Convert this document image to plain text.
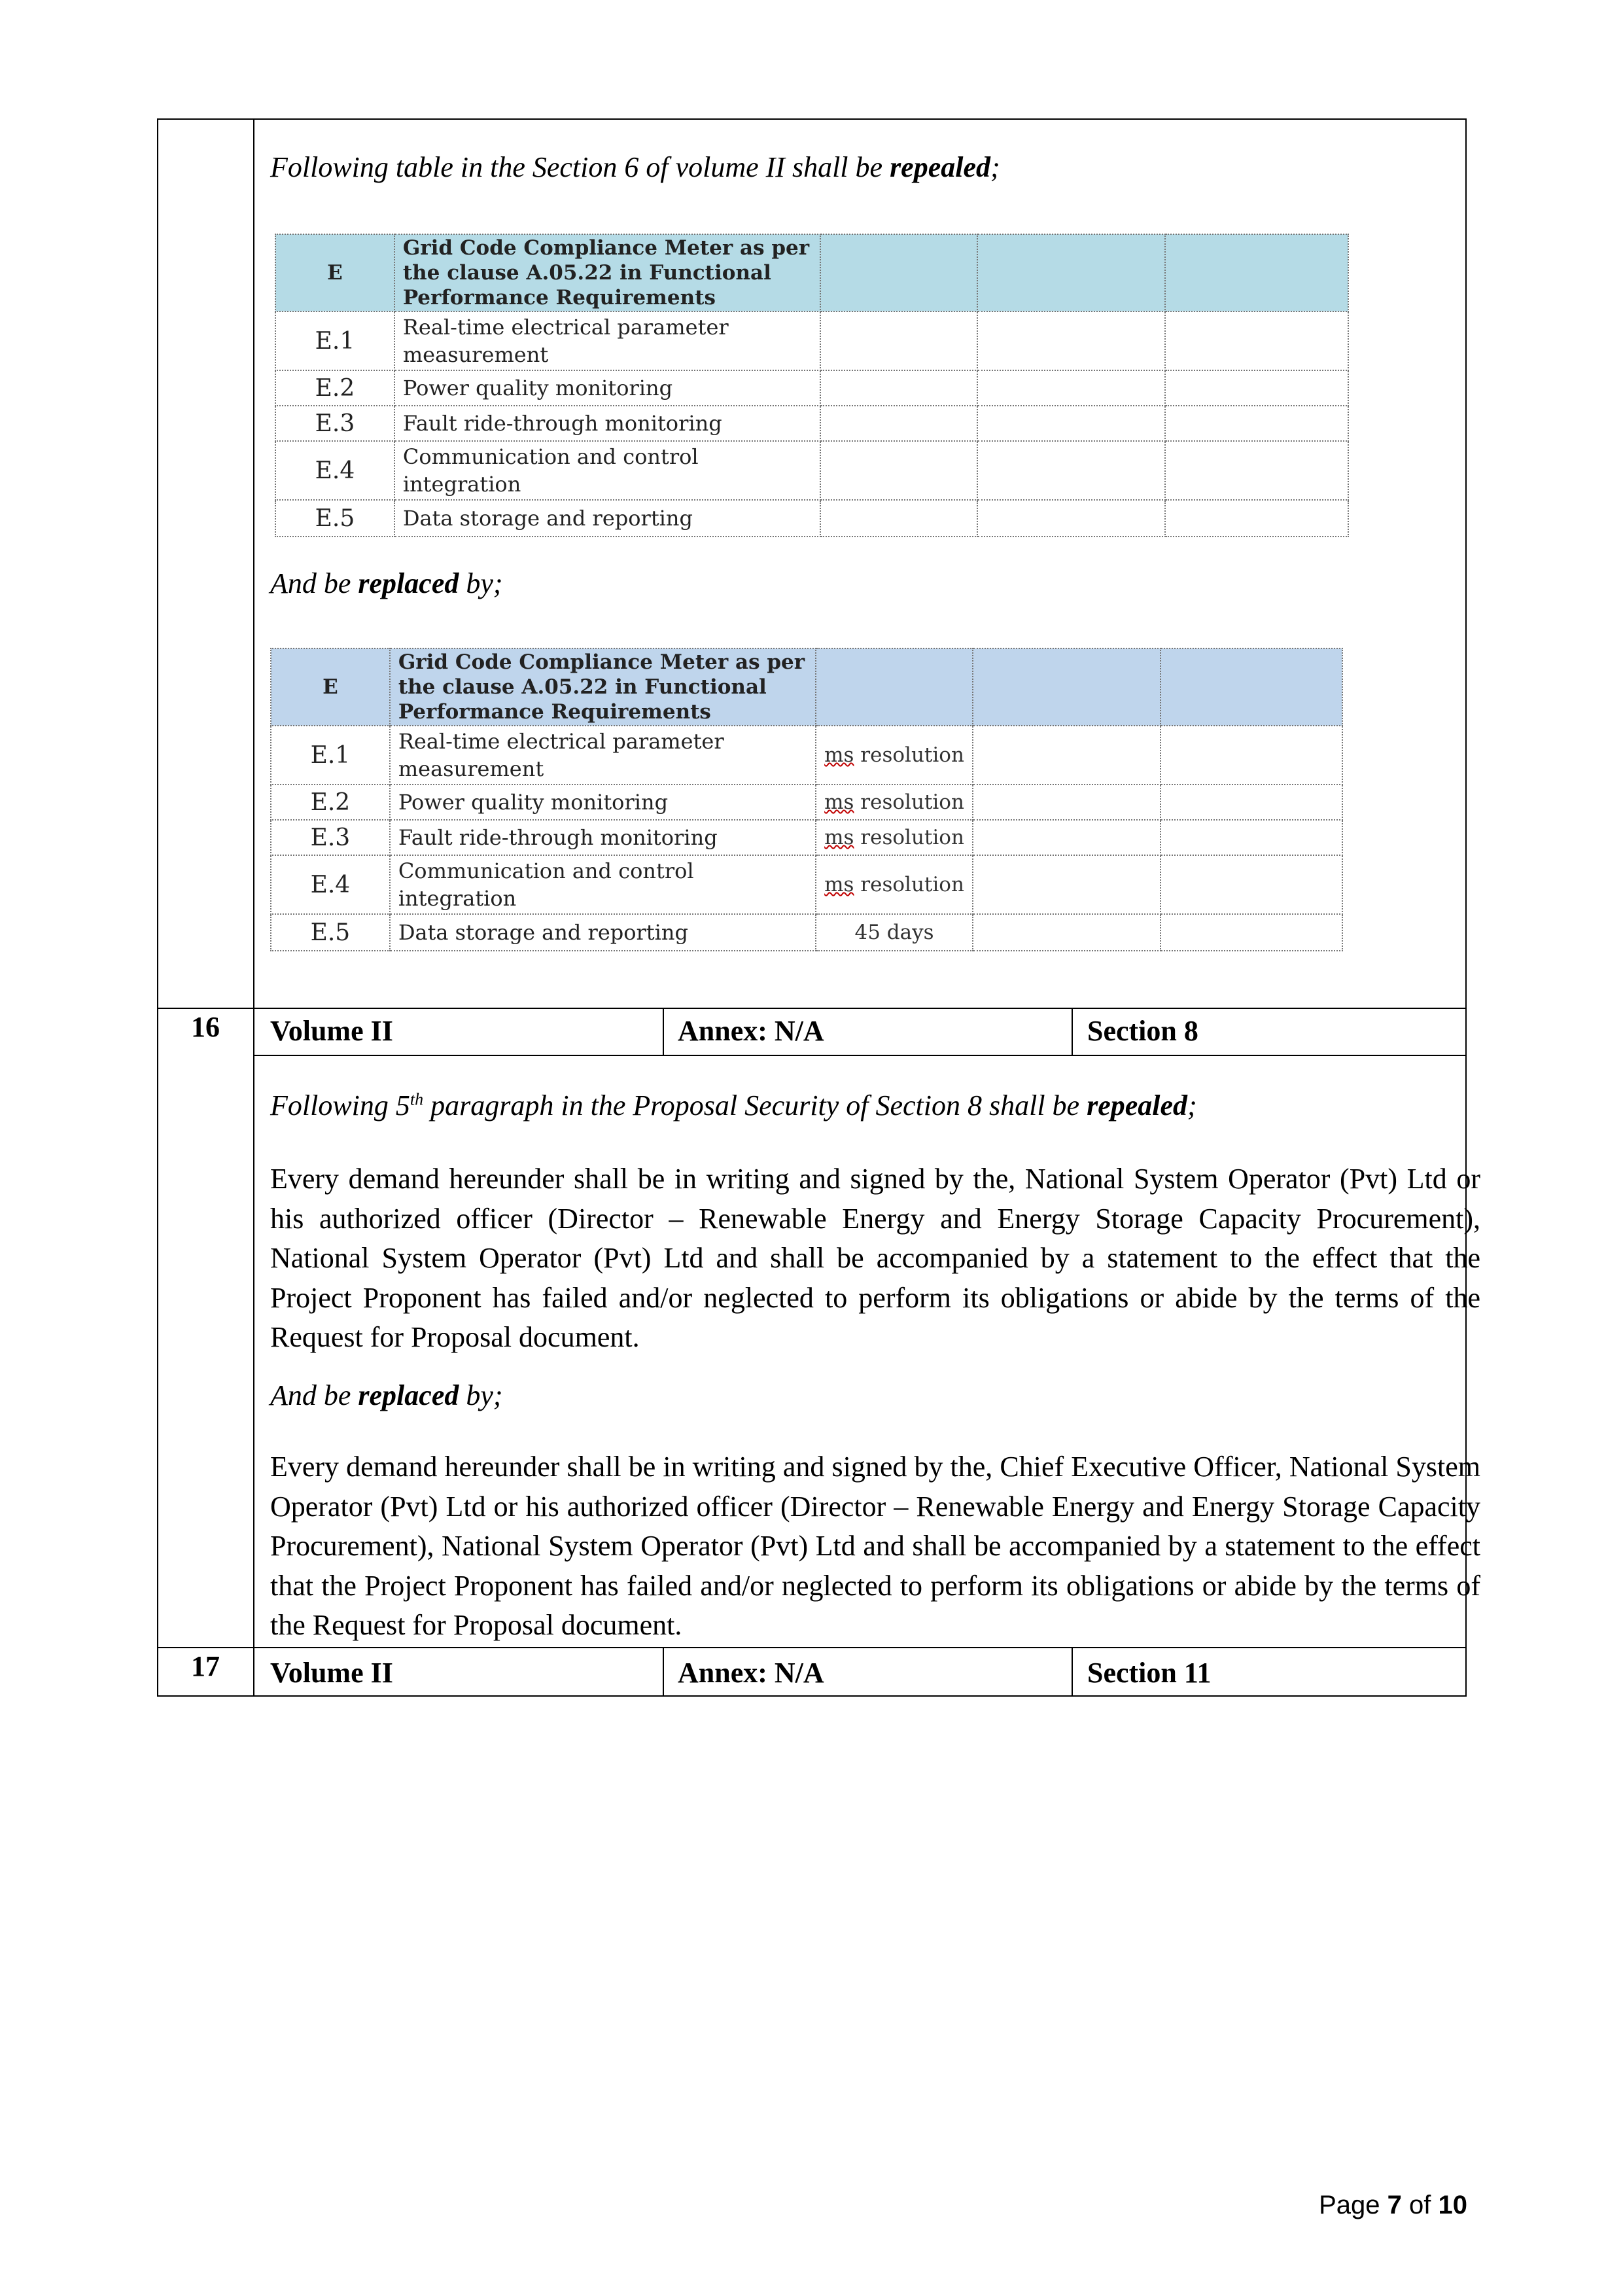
Following table in the Section 6 of volume II shall be repealed;
E	Grid Code Compliance Meter as per the clause A.05.22 in Functional Performance Requirements			
E.1	Real-time electrical parameter measurement			
E.2	Power quality monitoring			
E.3	Fault ride-through monitoring			
E.4	Communication and control integration			
E.5	Data storage and reporting			
And be replaced by;
E	Grid Code Compliance Meter as per the clause A.05.22 in Functional Performance Requirements			
E.1	Real-time electrical parameter measurement	ms resolution		
E.2	Power quality monitoring	ms resolution		
E.3	Fault ride-through monitoring	ms resolution		
E.4	Communication and control integration	ms resolution		
E.5	Data storage and reporting	45 days		
16	Volume II	Annex: N/A	Section 8
Following 5th paragraph in the Proposal Security of Section 8 shall be repealed;
Every demand hereunder shall be in writing and signed by the, National System Operator (Pvt) Ltd or his authorized officer (Director – Renewable Energy and Energy Storage Capacity Procurement), National System Operator (Pvt) Ltd and shall be accompanied by a statement to the effect that the Project Proponent has failed and/or neglected to perform its obligations or abide by the terms of the Request for Proposal document.
And be replaced by;
Every demand hereunder shall be in writing and signed by the, Chief Executive Officer, National System Operator (Pvt) Ltd or his authorized officer (Director – Renewable Energy and Energy Storage Capacity Procurement), National System Operator (Pvt) Ltd and shall be accompanied by a statement to the effect that the Project Proponent has failed and/or neglected to perform its obligations or abide by the terms of the Request for Proposal document.
17	Volume II	Annex: N/A	Section 11
Page 7 of 10
